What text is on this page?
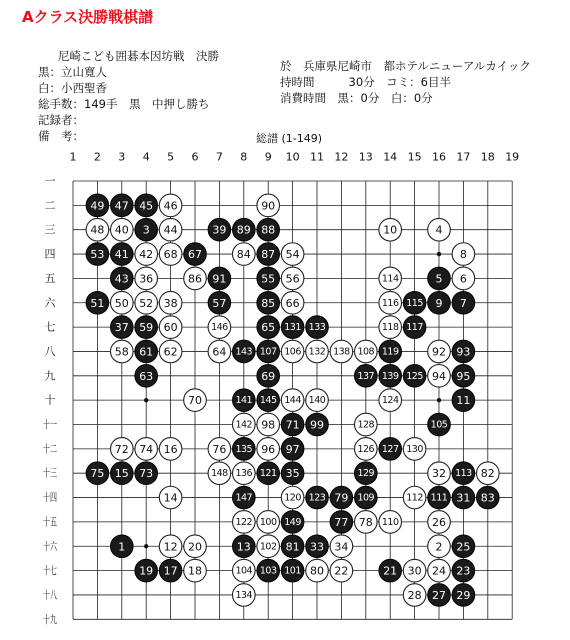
Aクラス決勝戦棋譜
尼崎こども囲碁本因坊戦　決勝
黒：立山寛人
白：小西聖香
総手数：149手　 黒　中押し勝ち
記録者：
備　考：
於　 兵庫県尼崎市　都ホテルニューアルカイック
持時間	30分　 コミ：6目半
消費時間　 黒：0分　 白：0分
総譜 (1-149)
1 2 3 4 5 6 7 8 9 10 11 12 13 14 15 16 17 18 19
一
二
三
四
五
六
七
八
九
十
十一
十二
十三
十四
十五
十六
十七
十八
十九
49 47 45 46	90
48 40 3 44	39 89 88	10	4
53 41 42 68 67	84 87 54	8
43 36	86 91	55 56	114	5 6
51 50 52 38	57	85 66	116 115 9 7
37 59 60	146	65 131 133	118 117
58 61 62	64 143 107 106 132 138 108 119	92 93
63	69	137 139 125 94 95
70	141 145 144 140	124	11
142 98 71 99	128	105
72 74 16	76 135 96 97	126 127 130
75 15 73	148 136 121 35	129	32 113 82
14	147	120 123 79 109	112 111 31 83
122 100 149	77 78 110	26
1	12 20	13 102 81 33 34	2 25
19 17 18	104 103 101 80 22	21 30 24 23
134	28 27 29
